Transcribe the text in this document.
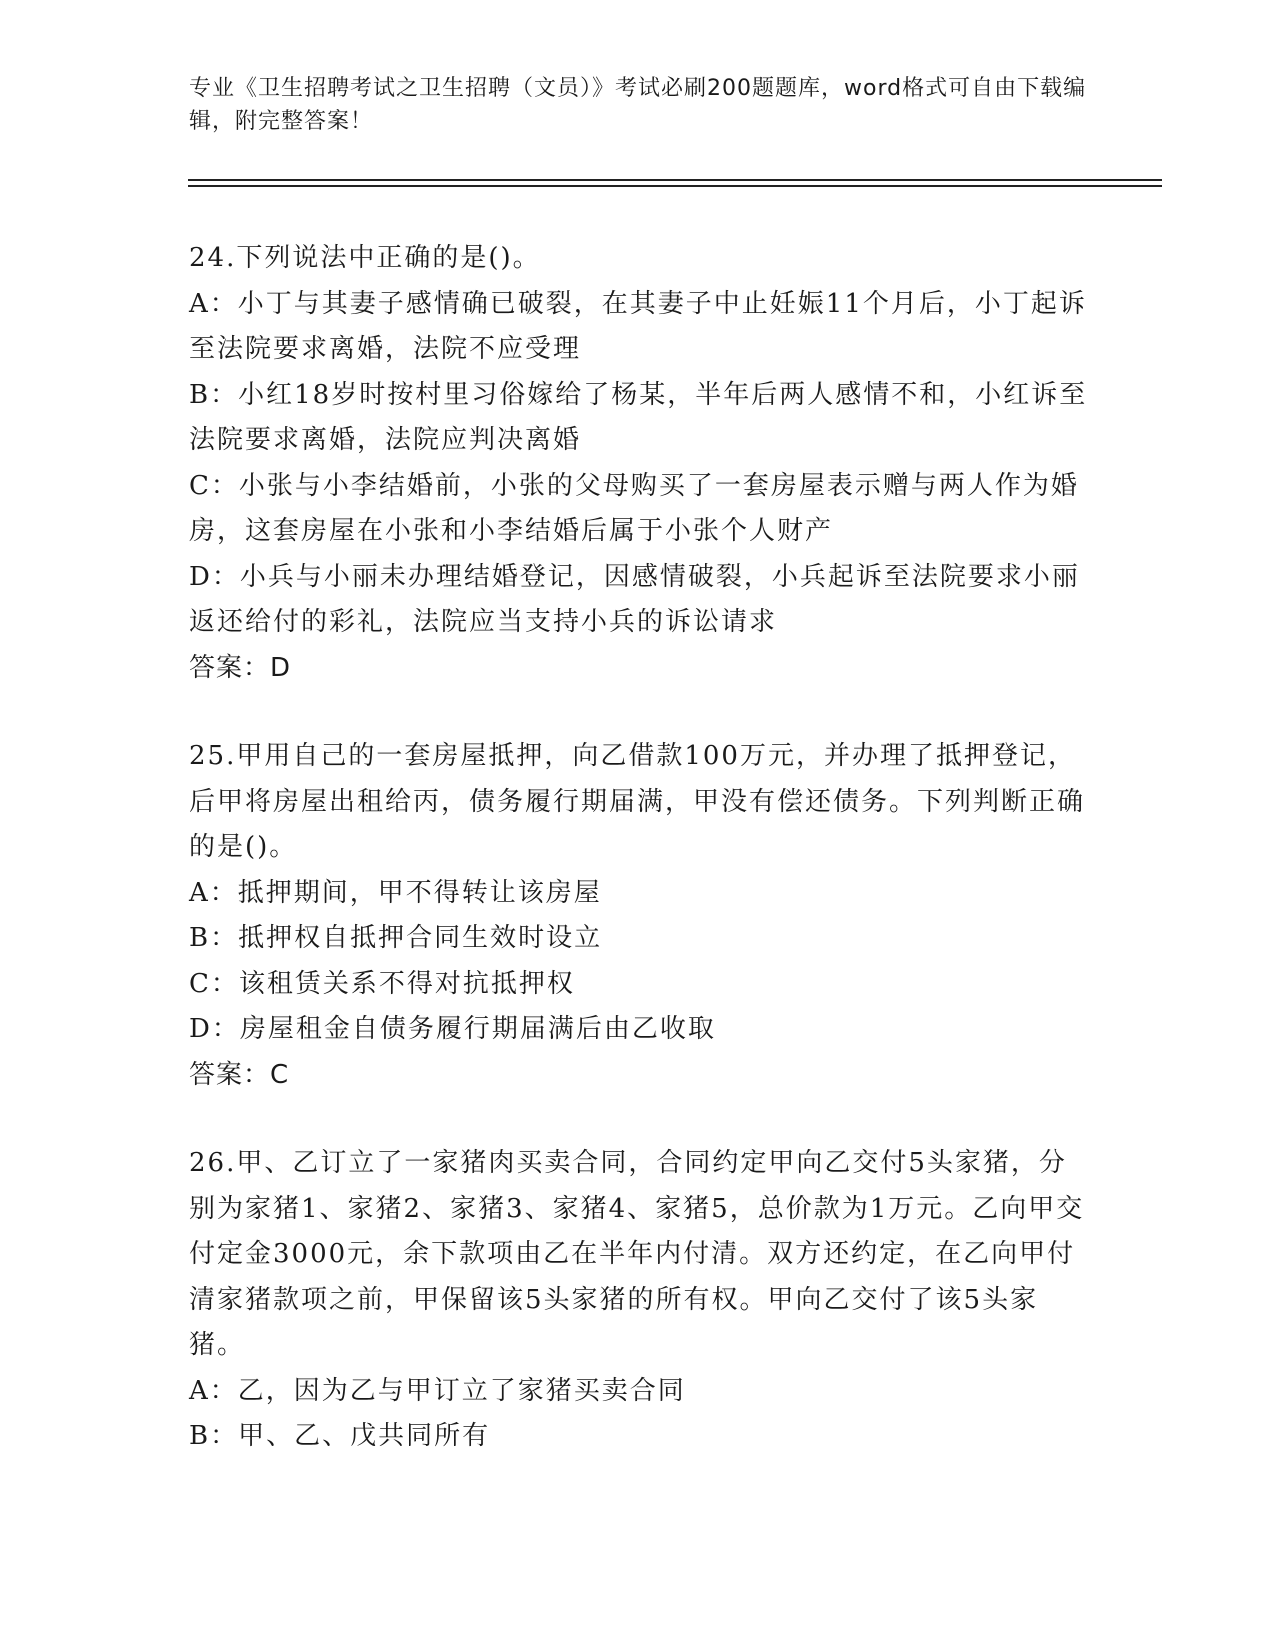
专业《卫生招聘考试之卫生招聘（文员）》考试必刷200题题库，word格式可自由下载编辑，附完整答案！

24.下列说法中正确的是()。

A：小丁与其妻子感情确已破裂，在其妻子中止妊娠11个月后，小丁起诉至法院要求离婚，法院不应受理

B：小红18岁时按村里习俗嫁给了杨某，半年后两人感情不和，小红诉至法院要求离婚，法院应判决离婚

C：小张与小李结婚前，小张的父母购买了一套房屋表示赠与两人作为婚房，这套房屋在小张和小李结婚后属于小张个人财产

D：小兵与小丽未办理结婚登记，因感情破裂，小兵起诉至法院要求小丽返还给付的彩礼，法院应当支持小兵的诉讼请求

答案：D

25.甲用自己的一套房屋抵押，向乙借款100万元，并办理了抵押登记，后甲将房屋出租给丙，债务履行期届满，甲没有偿还债务。下列判断正确的是()。

A：抵押期间，甲不得转让该房屋

B：抵押权自抵押合同生效时设立

C：该租赁关系不得对抗抵押权

D：房屋租金自债务履行期届满后由乙收取

答案：C

26.甲、乙订立了一家猪肉买卖合同，合同约定甲向乙交付5头家猪，分别为家猪1、家猪2、家猪3、家猪4、家猪5，总价款为1万元。乙向甲交付定金3000元，余下款项由乙在半年内付清。双方还约定，在乙向甲付清家猪款项之前，甲保留该5头家猪的所有权。甲向乙交付了该5头家猪。

A：乙，因为乙与甲订立了家猪买卖合同

B：甲、乙、戊共同所有
